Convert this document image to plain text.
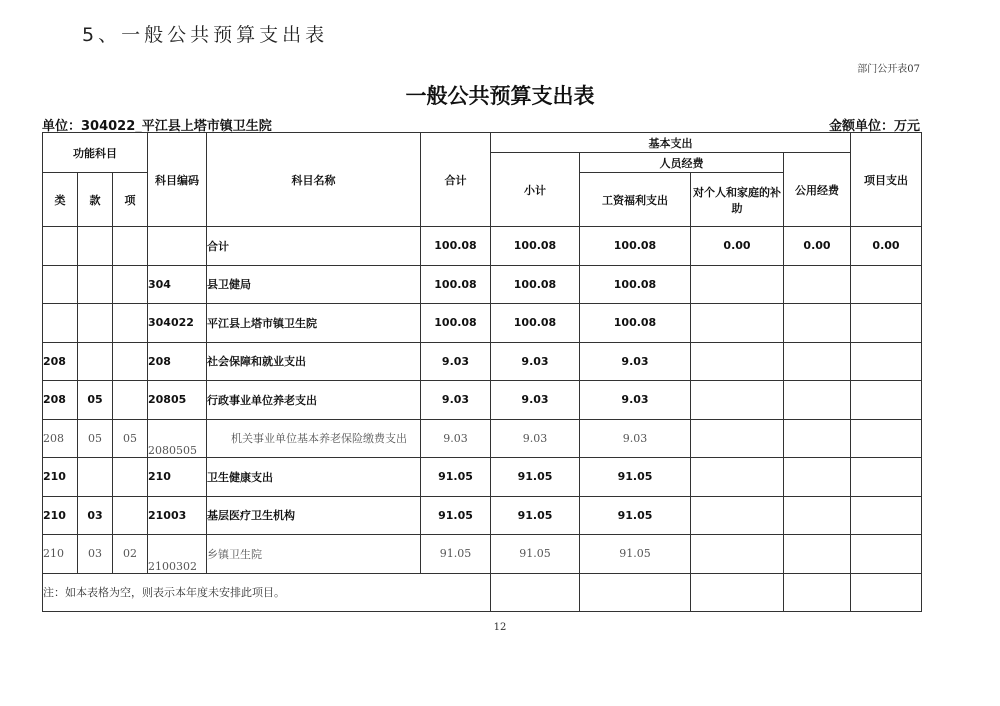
5、一般公共预算支出表
部门公开表07
一般公共预算支出表
单位：304022_平江县上塔市镇卫生院	金额单位：万元
功能科目			科目编码	科目名称	合计	基本支出				项目支出
						小计	人员经费		公用经费	
类	款	项					工资福利支出	对个人和家庭的补助		
				合计	100.08	100.08	100.08	0.00	0.00	0.00
			304	县卫健局	100.08	100.08	100.08			
			304022	平江县上塔市镇卫生院	100.08	100.08	100.08			
208			208	社会保障和就业支出	9.03	9.03	9.03			
208	05		20805	行政事业单位养老支出	9.03	9.03	9.03			
208	05	05	2080505	机关事业单位基本养老保险缴费支出	9.03	9.03	9.03			
210			210	卫生健康支出	91.05	91.05	91.05			
210	03		21003	基层医疗卫生机构	91.05	91.05	91.05			
210	03	02	2100302	乡镇卫生院	91.05	91.05	91.05			
注：如本表格为空，则表示本年度未安排此项目。										
12
